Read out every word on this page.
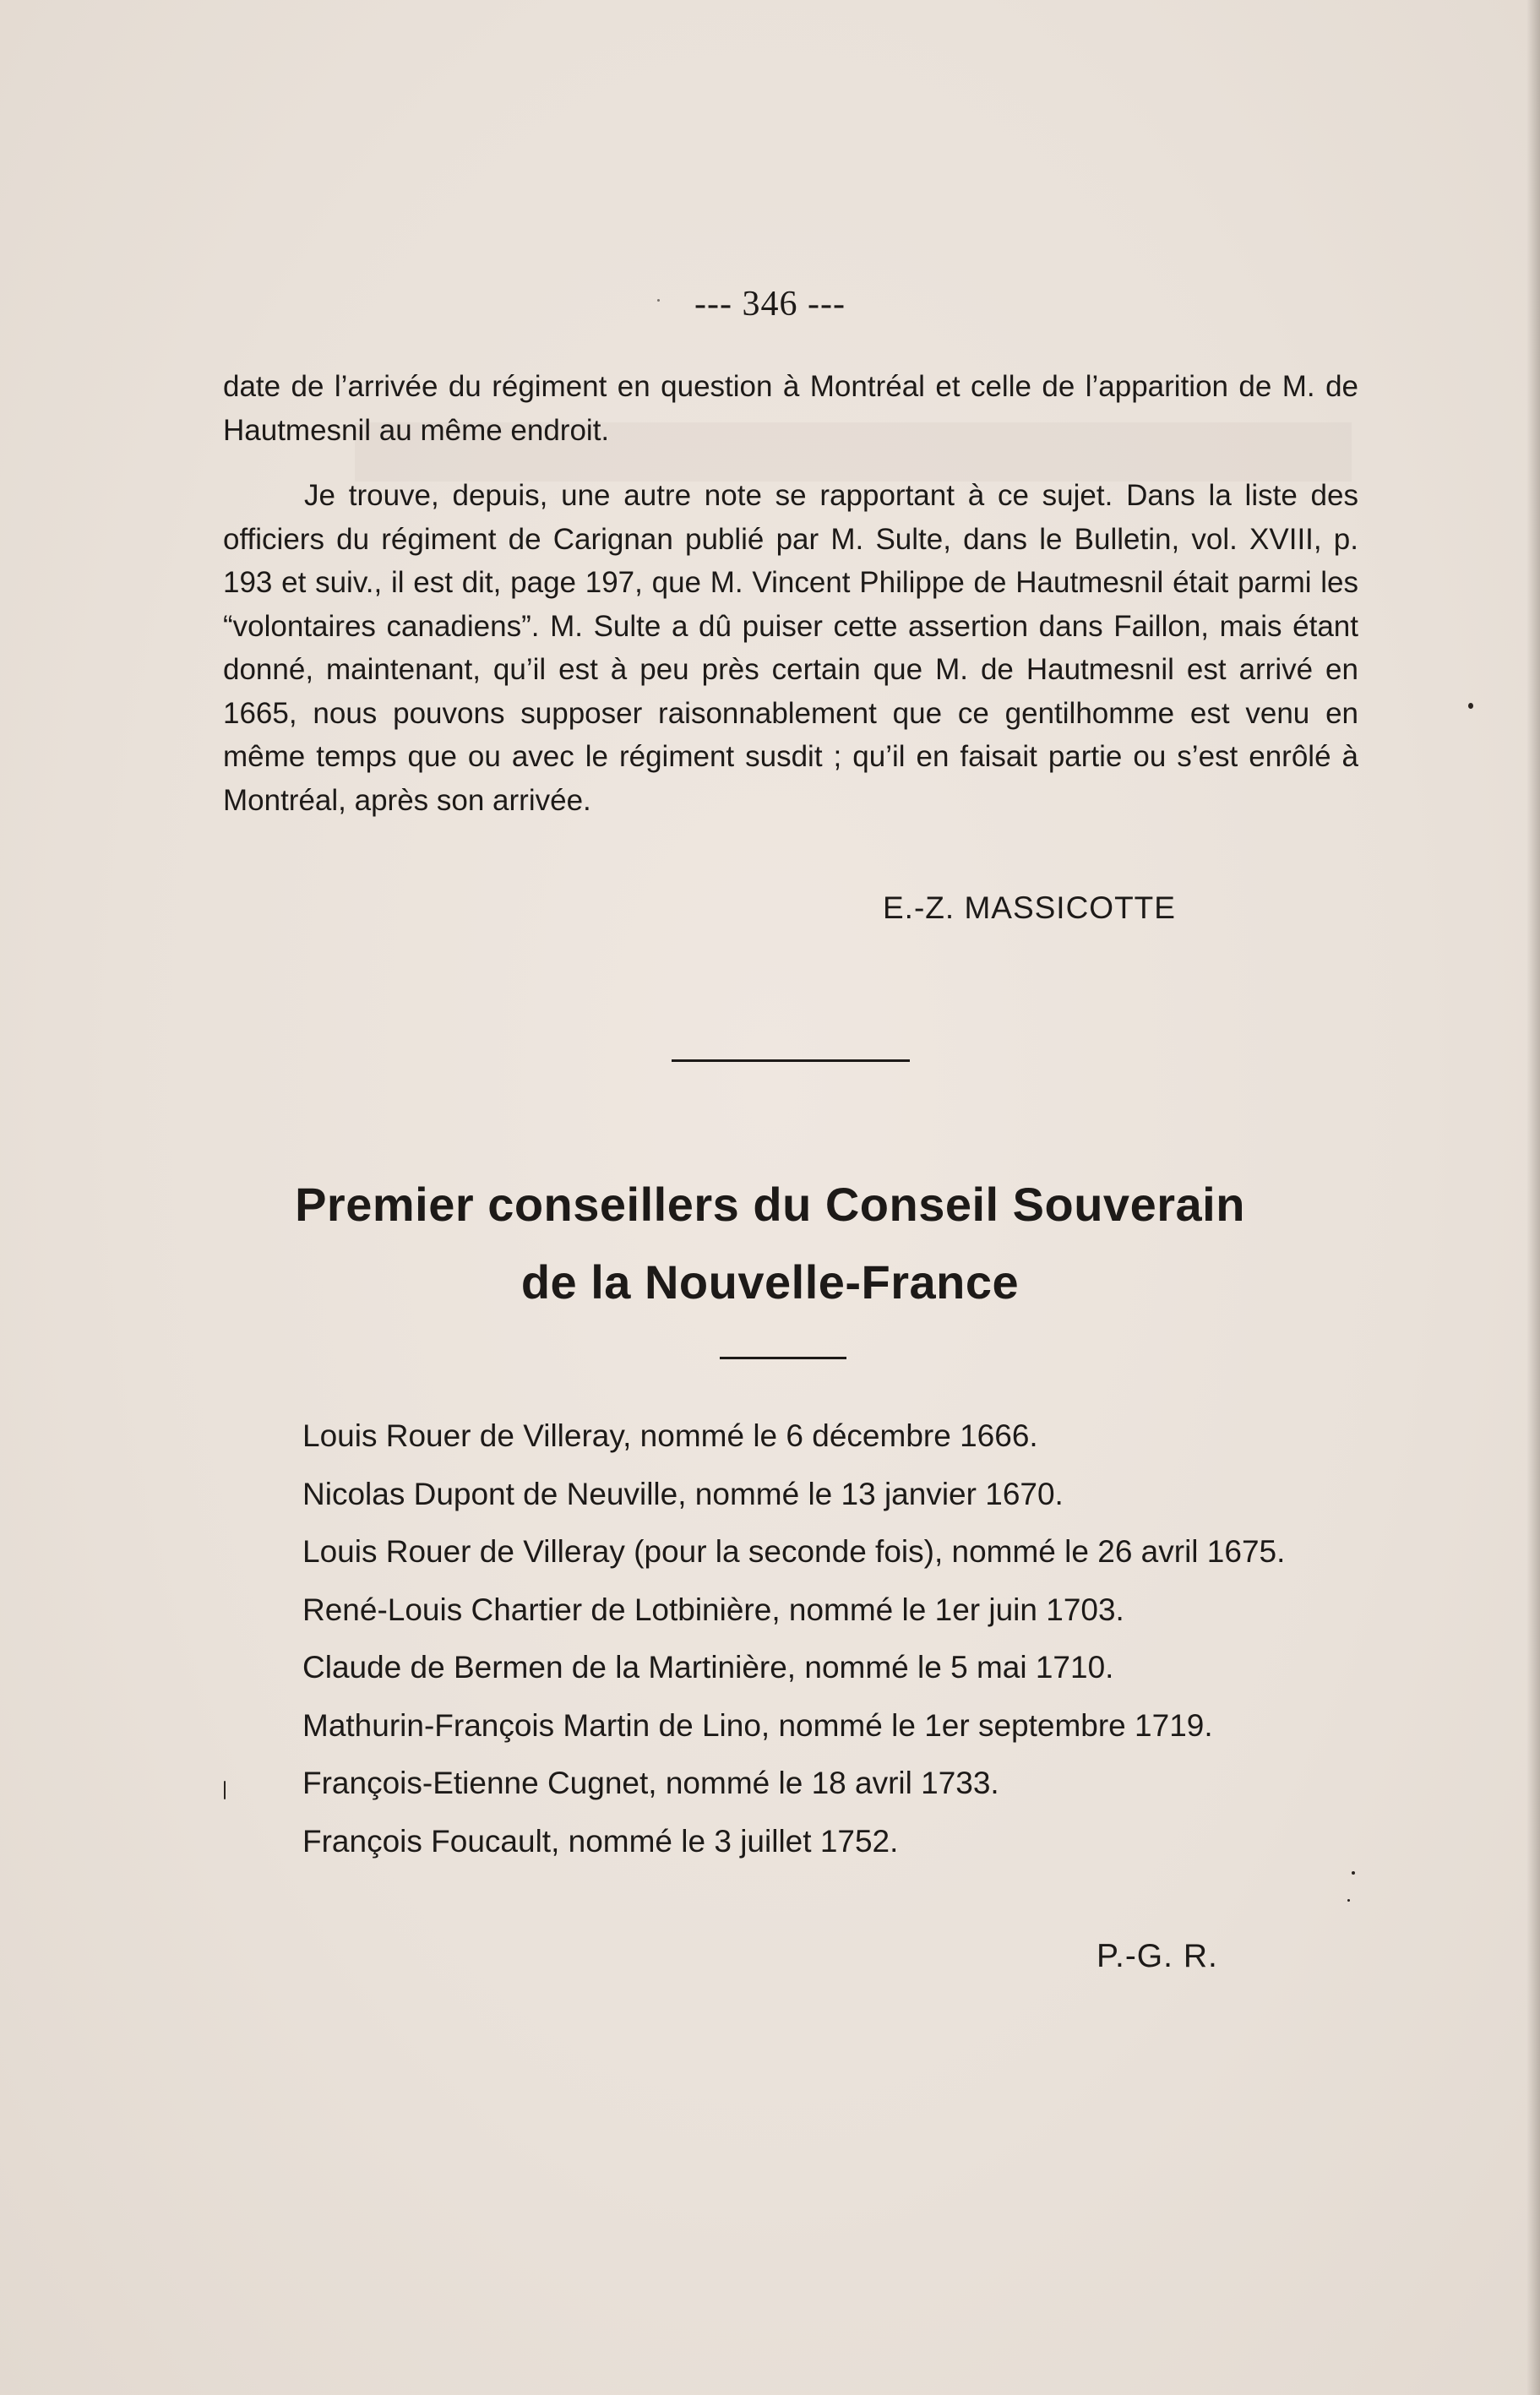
--- 346 ---
date de l’arrivée du régiment en question à Montréal et celle de l’apparition de M. de Hautmesnil au même endroit.
Je trouve, depuis, une autre note se rapportant à ce sujet. Dans la liste des officiers du régiment de Carignan publié par M. Sulte, dans le Bulletin, vol. XVIII, p. 193 et suiv., il est dit, page 197, que M. Vincent Philippe de Hautmesnil était parmi les “volontaires canadiens”. M. Sulte a dû puiser cette assertion dans Faillon, mais étant donné, maintenant, qu’il est à peu près certain que M. de Hautmesnil est arrivé en 1665, nous pouvons supposer raisonnablement que ce gentilhomme est venu en même temps que ou avec le régiment susdit ; qu’il en faisait partie ou s’est enrôlé à Montréal, après son arrivée.
E.-Z. MASSICOTTE
Premier conseillers du Conseil Souverain
de la Nouvelle-France
Louis Rouer de Villeray, nommé le 6 décembre 1666.
Nicolas Dupont de Neuville, nommé le 13 janvier 1670.
Louis Rouer de Villeray (pour la seconde fois), nommé le 26 avril 1675.
René-Louis Chartier de Lotbinière, nommé le 1er juin 1703.
Claude de Bermen de la Martinière, nommé le 5 mai 1710.
Mathurin-François Martin de Lino, nommé le 1er septembre 1719.
François-Etienne Cugnet, nommé le 18 avril 1733.
François Foucault, nommé le 3 juillet 1752.
P.-G. R.
